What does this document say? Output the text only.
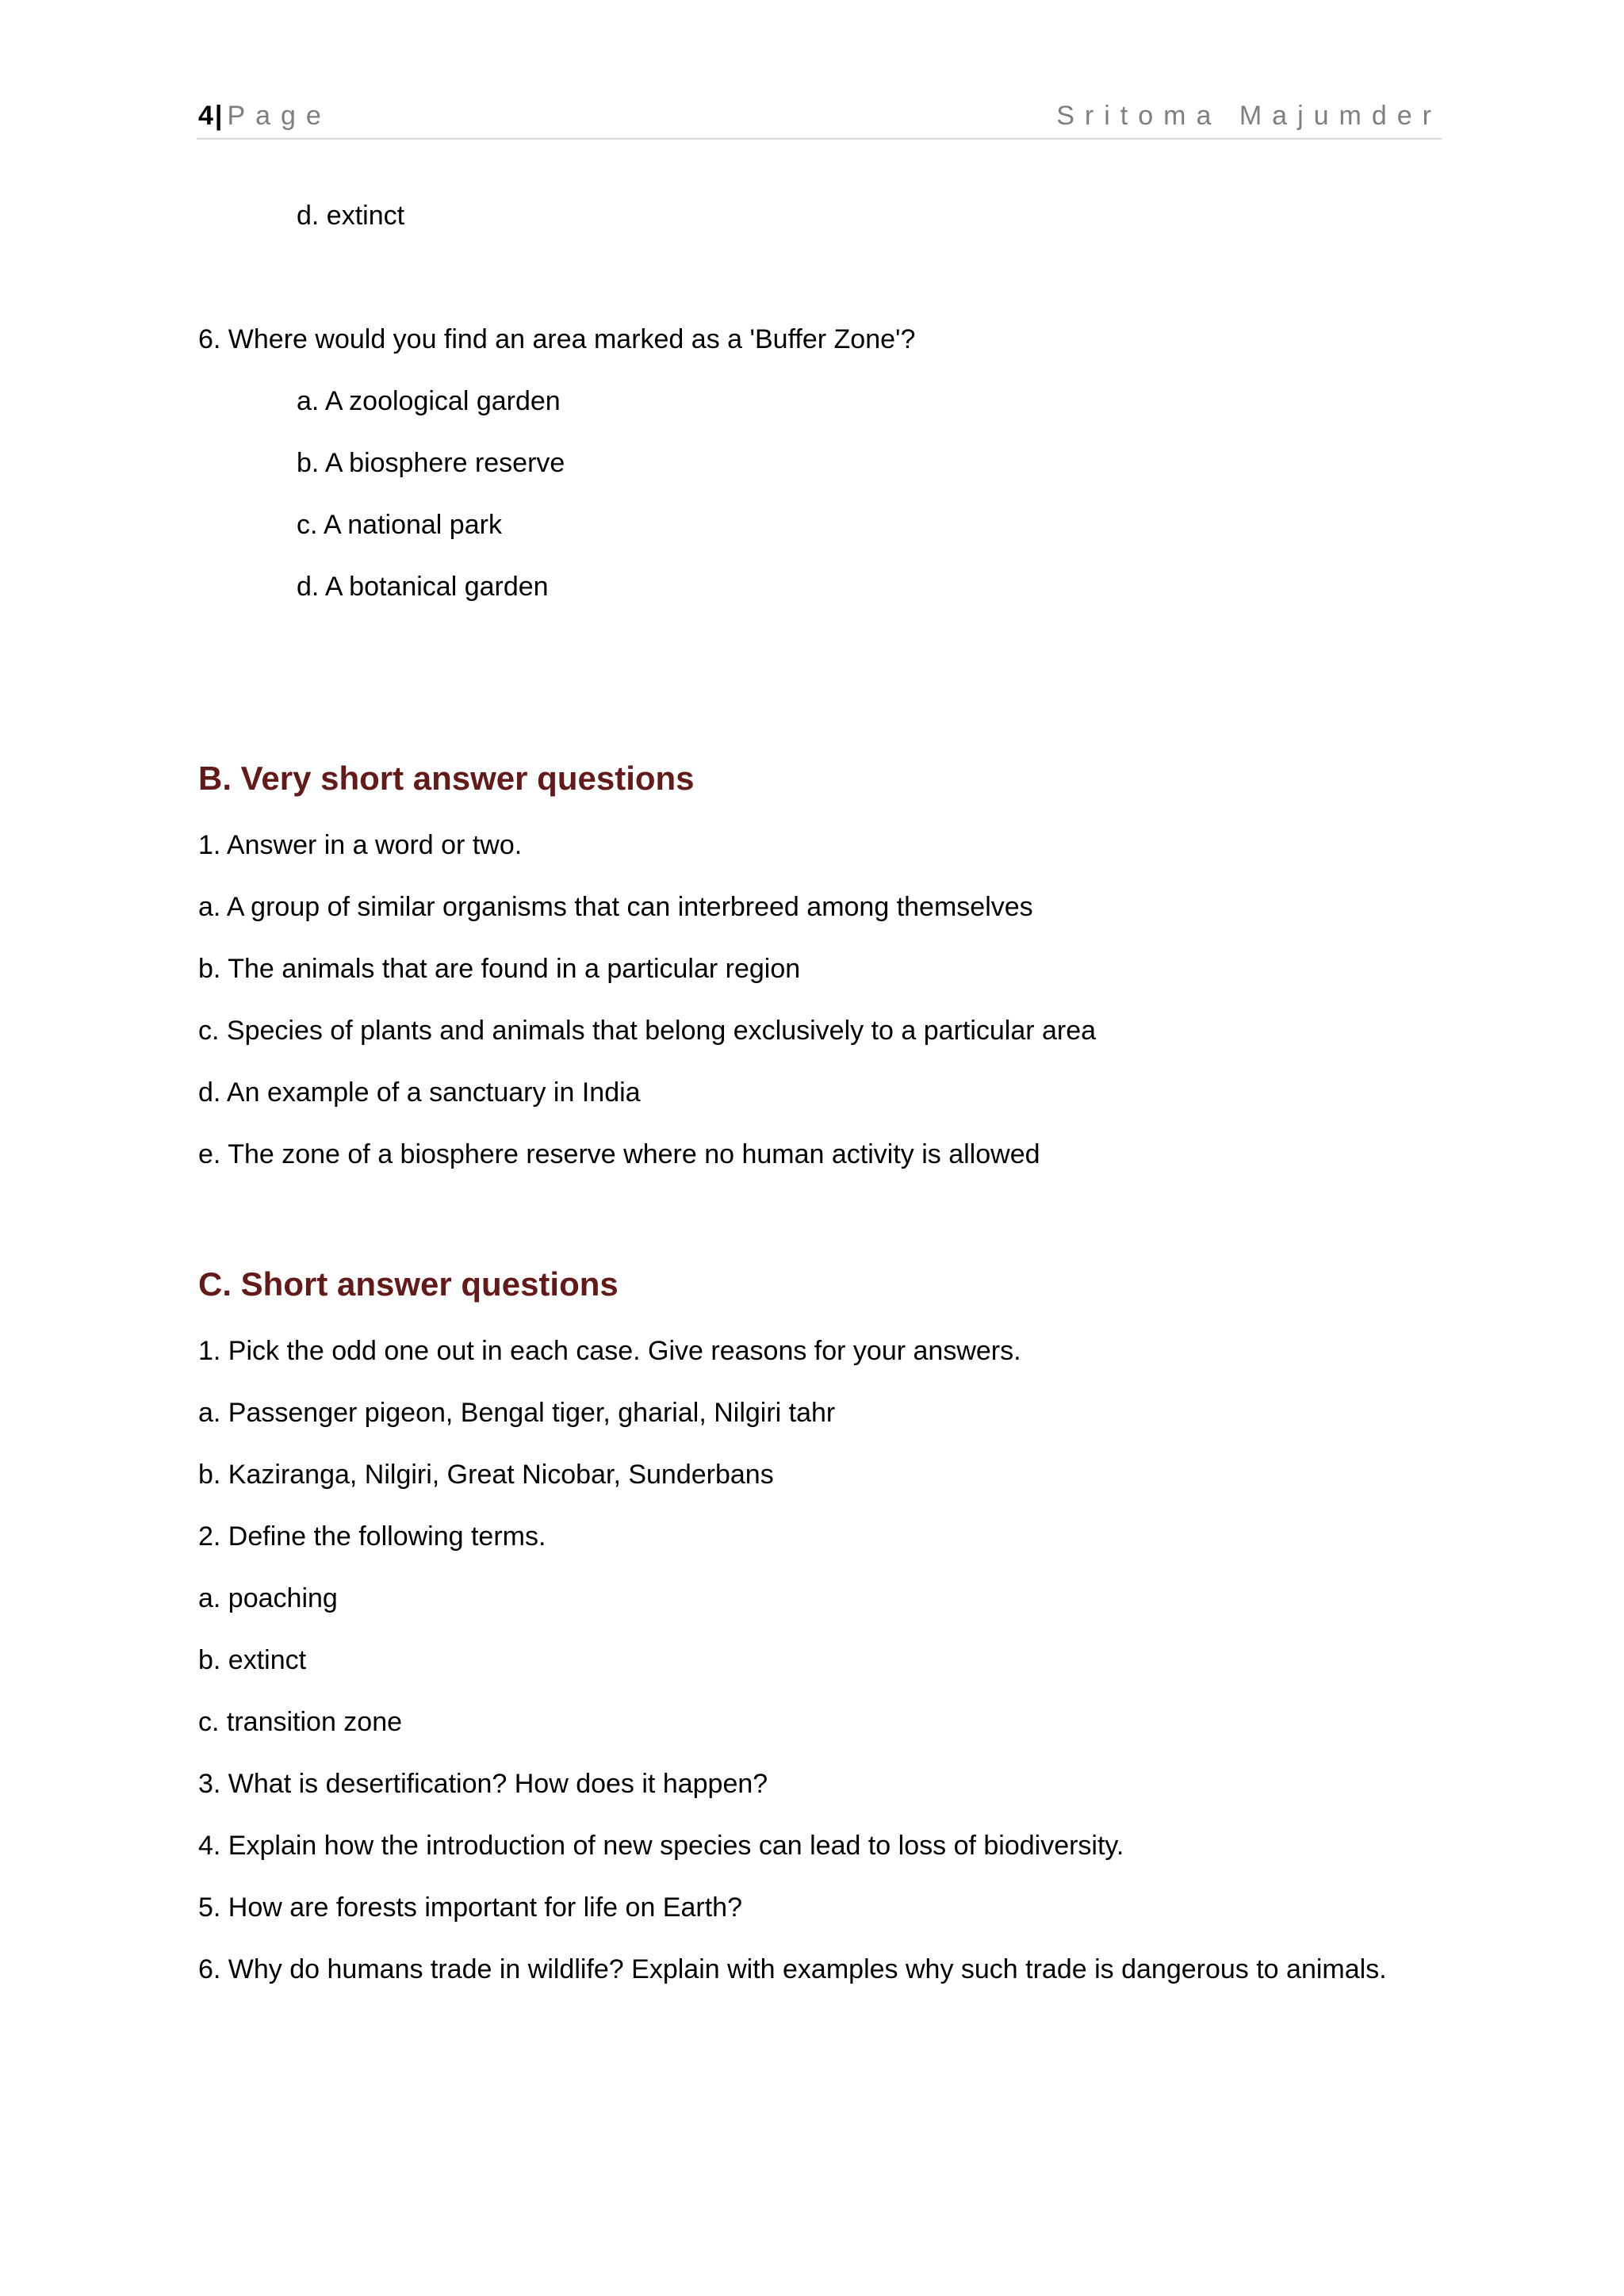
4| Page	Sritoma Majumder
d. extinct
6. Where would you find an area marked as a 'Buffer Zone'?
a. A zoological garden
b. A biosphere reserve
c. A national park
d. A botanical garden
B. Very short answer questions
1. Answer in a word or two.
a. A group of similar organisms that can interbreed among themselves
b. The animals that are found in a particular region
c. Species of plants and animals that belong exclusively to a particular area
d. An example of a sanctuary in India
e. The zone of a biosphere reserve where no human activity is allowed
C. Short answer questions
1. Pick the odd one out in each case. Give reasons for your answers.
a. Passenger pigeon, Bengal tiger, gharial, Nilgiri tahr
b. Kaziranga, Nilgiri, Great Nicobar, Sunderbans
2. Define the following terms.
a. poaching
b. extinct
c. transition zone
3. What is desertification? How does it happen?
4. Explain how the introduction of new species can lead to loss of biodiversity.
5. How are forests important for life on Earth?
6. Why do humans trade in wildlife? Explain with examples why such trade is dangerous to animals.
